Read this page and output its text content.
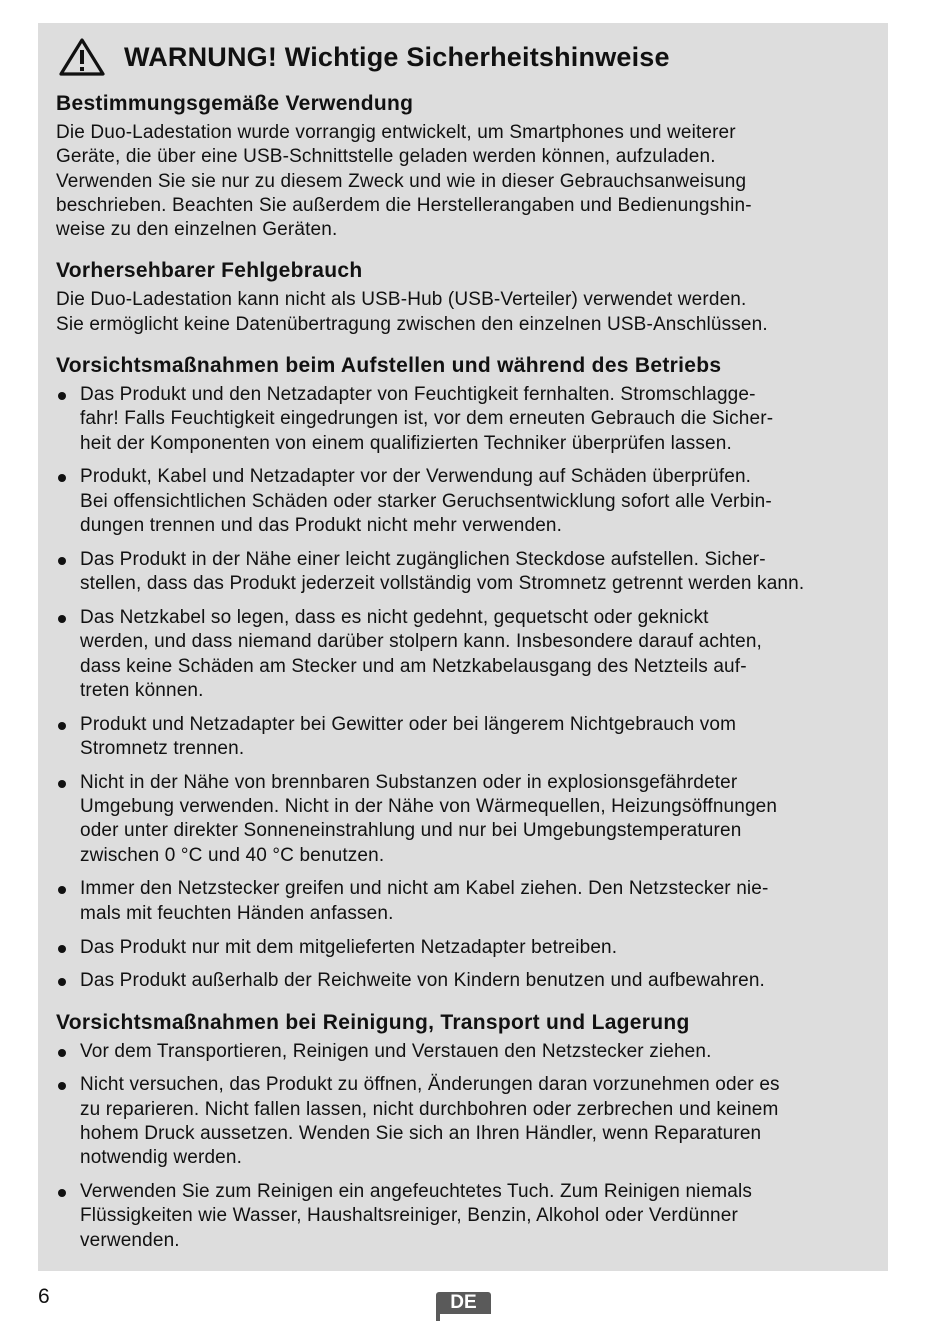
WARNUNG! Wichtige Sicherheitshinweise
Bestimmungsgemäße Verwendung
Die Duo-Ladestation wurde vorrangig entwickelt, um Smartphones und weiterer
Geräte, die über eine USB-Schnittstelle geladen werden können, aufzuladen.
Verwenden Sie sie nur zu diesem Zweck und wie in dieser Gebrauchsanweisung
beschrieben. Beachten Sie außerdem die Herstellerangaben und Bedienungshin-
weise zu den einzelnen Geräten.
Vorhersehbarer Fehlgebrauch
Die Duo-Ladestation kann nicht als USB-Hub (USB-Verteiler) verwendet werden.
Sie ermöglicht keine Datenübertragung zwischen den einzelnen USB-Anschlüssen.
Vorsichtsmaßnahmen beim Aufstellen und während des Betriebs
Das Produkt und den Netzadapter von Feuchtigkeit fernhalten. Stromschlagge-
fahr! Falls Feuchtigkeit eingedrungen ist, vor dem erneuten Gebrauch die Sicher-
heit der Komponenten von einem qualifizierten Techniker überprüfen lassen.
Produkt, Kabel und Netzadapter vor der Verwendung auf Schäden überprüfen.
Bei offensichtlichen Schäden oder starker Geruchsentwicklung sofort alle Verbin-
dungen trennen und das Produkt nicht mehr verwenden.
Das Produkt in der Nähe einer leicht zugänglichen Steckdose aufstellen. Sicher-
stellen, dass das Produkt jederzeit vollständig vom Stromnetz getrennt werden kann.
Das Netzkabel so legen, dass es nicht gedehnt, gequetscht oder geknickt
werden, und dass niemand darüber stolpern kann. Insbesondere darauf achten,
dass keine Schäden am Stecker und am Netzkabelausgang des Netzteils auf-
treten können.
Produkt und Netzadapter bei Gewitter oder bei längerem Nichtgebrauch vom
Stromnetz trennen.
Nicht in der Nähe von brennbaren Substanzen oder in explosionsgefährdeter
Umgebung verwenden. Nicht in der Nähe von Wärmequellen, Heizungsöffnungen
oder unter direkter Sonneneinstrahlung und nur bei Umgebungstemperaturen
zwischen 0 °C und 40 °C benutzen.
Immer den Netzstecker greifen und nicht am Kabel ziehen. Den Netzstecker nie-
mals mit feuchten Händen anfassen.
Das Produkt nur mit dem mitgelieferten Netzadapter betreiben.
Das Produkt außerhalb der Reichweite von Kindern benutzen und aufbewahren.
Vorsichtsmaßnahmen bei Reinigung, Transport und Lagerung
Vor dem Transportieren, Reinigen und Verstauen den Netzstecker ziehen.
Nicht versuchen, das Produkt zu öffnen, Änderungen daran vorzunehmen oder es
zu reparieren. Nicht fallen lassen, nicht durchbohren oder zerbrechen und keinem
hohem Druck aussetzen. Wenden Sie sich an Ihren Händler, wenn Reparaturen
notwendig werden.
Verwenden Sie zum Reinigen ein angefeuchtetes Tuch. Zum Reinigen niemals
Flüssigkeiten wie Wasser, Haushaltsreiniger, Benzin, Alkohol oder Verdünner
verwenden.
6	DE
